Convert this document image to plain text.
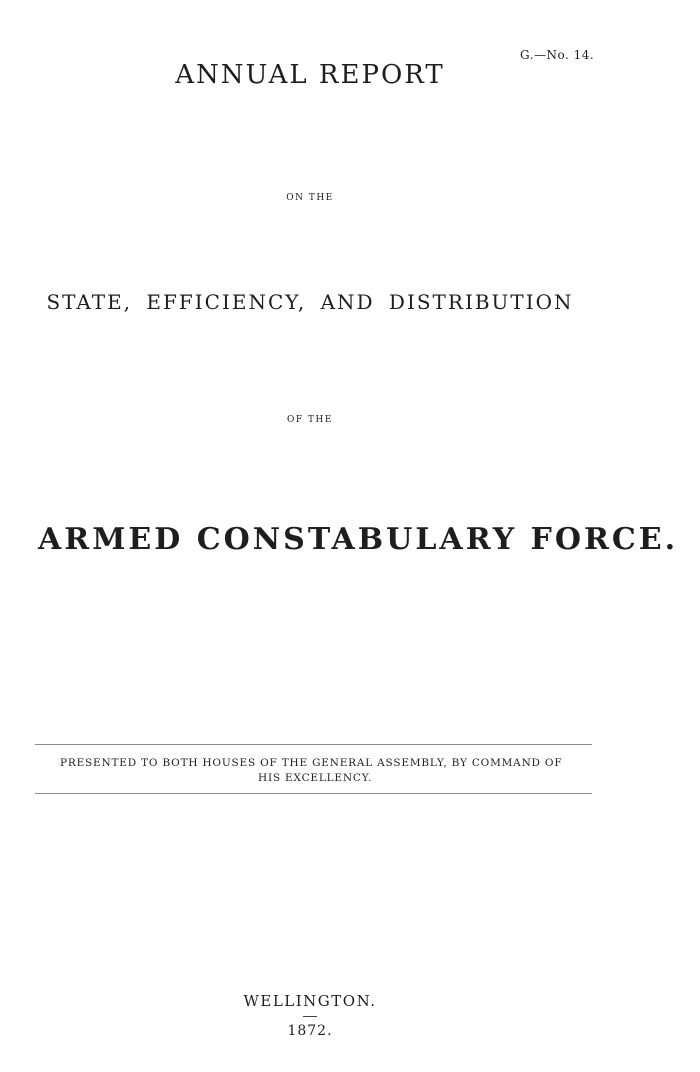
G.—No. 14.
ANNUAL REPORT
ON THE
STATE, EFFICIENCY, AND DISTRIBUTION
OF THE
ARMED CONSTABULARY FORCE.
PRESENTED TO BOTH HOUSES OF THE GENERAL ASSEMBLY, BY COMMAND OF
HIS EXCELLENCY.
WELLINGTON.
1872.
